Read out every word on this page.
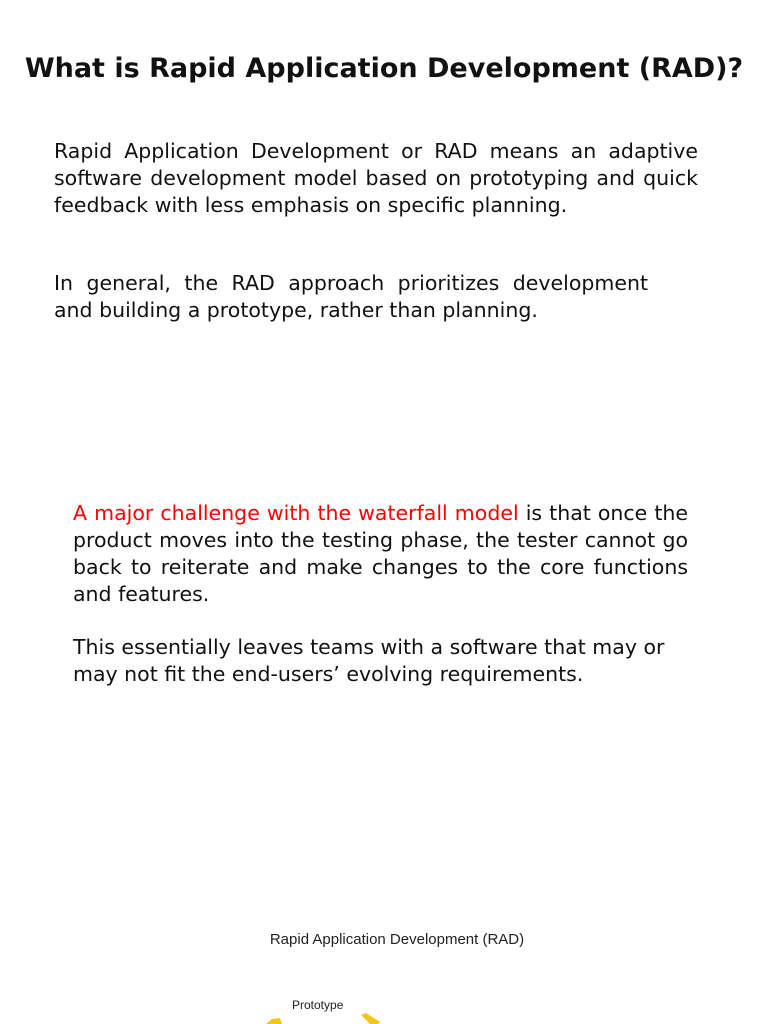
What is Rapid Application Development (RAD)?

Rapid Application Development or RAD means an adaptive software development model based on prototyping and quick feedback with less emphasis on specific planning.

In general, the RAD approach prioritizes development and building a prototype, rather than planning.

A major challenge with the waterfall model is that once the product moves into the testing phase, the tester cannot go back to reiterate and make changes to the core functions and features.

This essentially leaves teams with a software that may or may not fit the end-users’ evolving requirements.

Rapid Application Development (RAD)
Prototype
